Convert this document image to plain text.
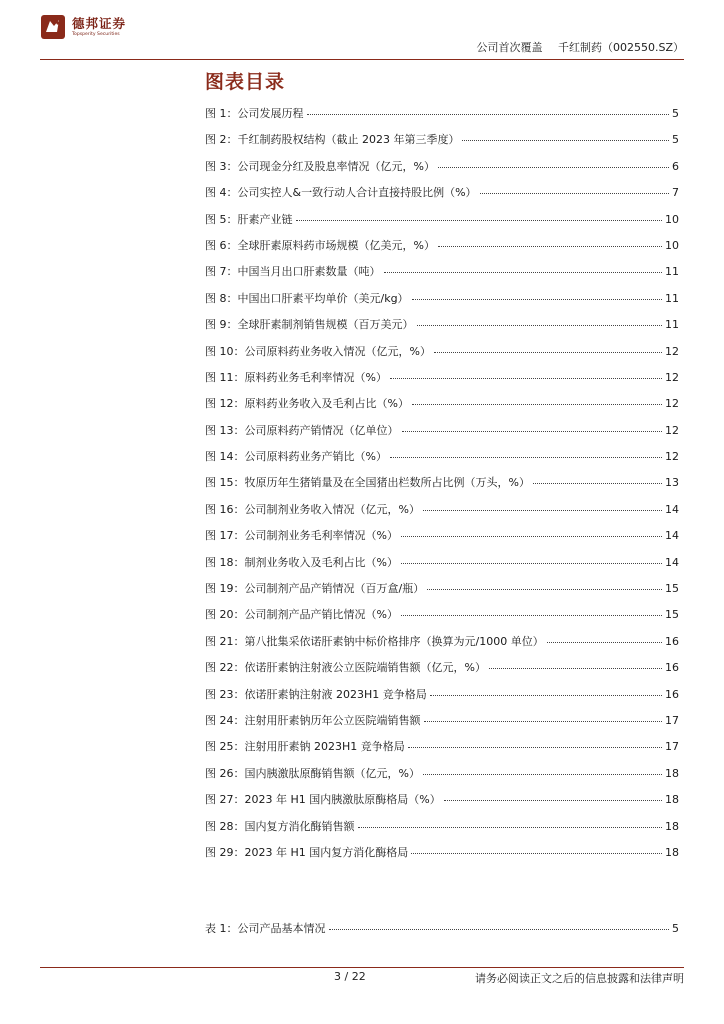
德邦证券
Topsperity Securities
公司首次覆盖 千红制药（002550.SZ）
图表目录
图 1：公司发展历程	5
图 2：千红制药股权结构（截止 2023 年第三季度）	5
图 3：公司现金分红及股息率情况（亿元，%）	6
图 4：公司实控人&一致行动人合计直接持股比例（%）	7
图 5：肝素产业链	10
图 6：全球肝素原料药市场规模（亿美元，%）	10
图 7：中国当月出口肝素数量（吨）	11
图 8：中国出口肝素平均单价（美元/kg）	11
图 9：全球肝素制剂销售规模（百万美元）	11
图 10：公司原料药业务收入情况（亿元，%）	12
图 11：原料药业务毛利率情况（%）	12
图 12：原料药业务收入及毛利占比（%）	12
图 13：公司原料药产销情况（亿单位）	12
图 14：公司原料药业务产销比（%）	12
图 15：牧原历年生猪销量及在全国猪出栏数所占比例（万头，%）	13
图 16：公司制剂业务收入情况（亿元，%）	14
图 17：公司制剂业务毛利率情况（%）	14
图 18：制剂业务收入及毛利占比（%）	14
图 19：公司制剂产品产销情况（百万盒/瓶）	15
图 20：公司制剂产品产销比情况（%）	15
图 21：第八批集采依诺肝素钠中标价格排序（换算为元/1000 单位）	16
图 22：依诺肝素钠注射液公立医院端销售额（亿元，%）	16
图 23：依诺肝素钠注射液 2023H1 竞争格局	16
图 24：注射用肝素钠历年公立医院端销售额	17
图 25：注射用肝素钠 2023H1 竞争格局	17
图 26：国内胰激肽原酶销售额（亿元，%）	18
图 27：2023 年 H1 国内胰激肽原酶格局（%）	18
图 28：国内复方消化酶销售额	18
图 29：2023 年 H1 国内复方消化酶格局	18
表 1：公司产品基本情况	5
3 / 22	请务必阅读正文之后的信息披露和法律声明
